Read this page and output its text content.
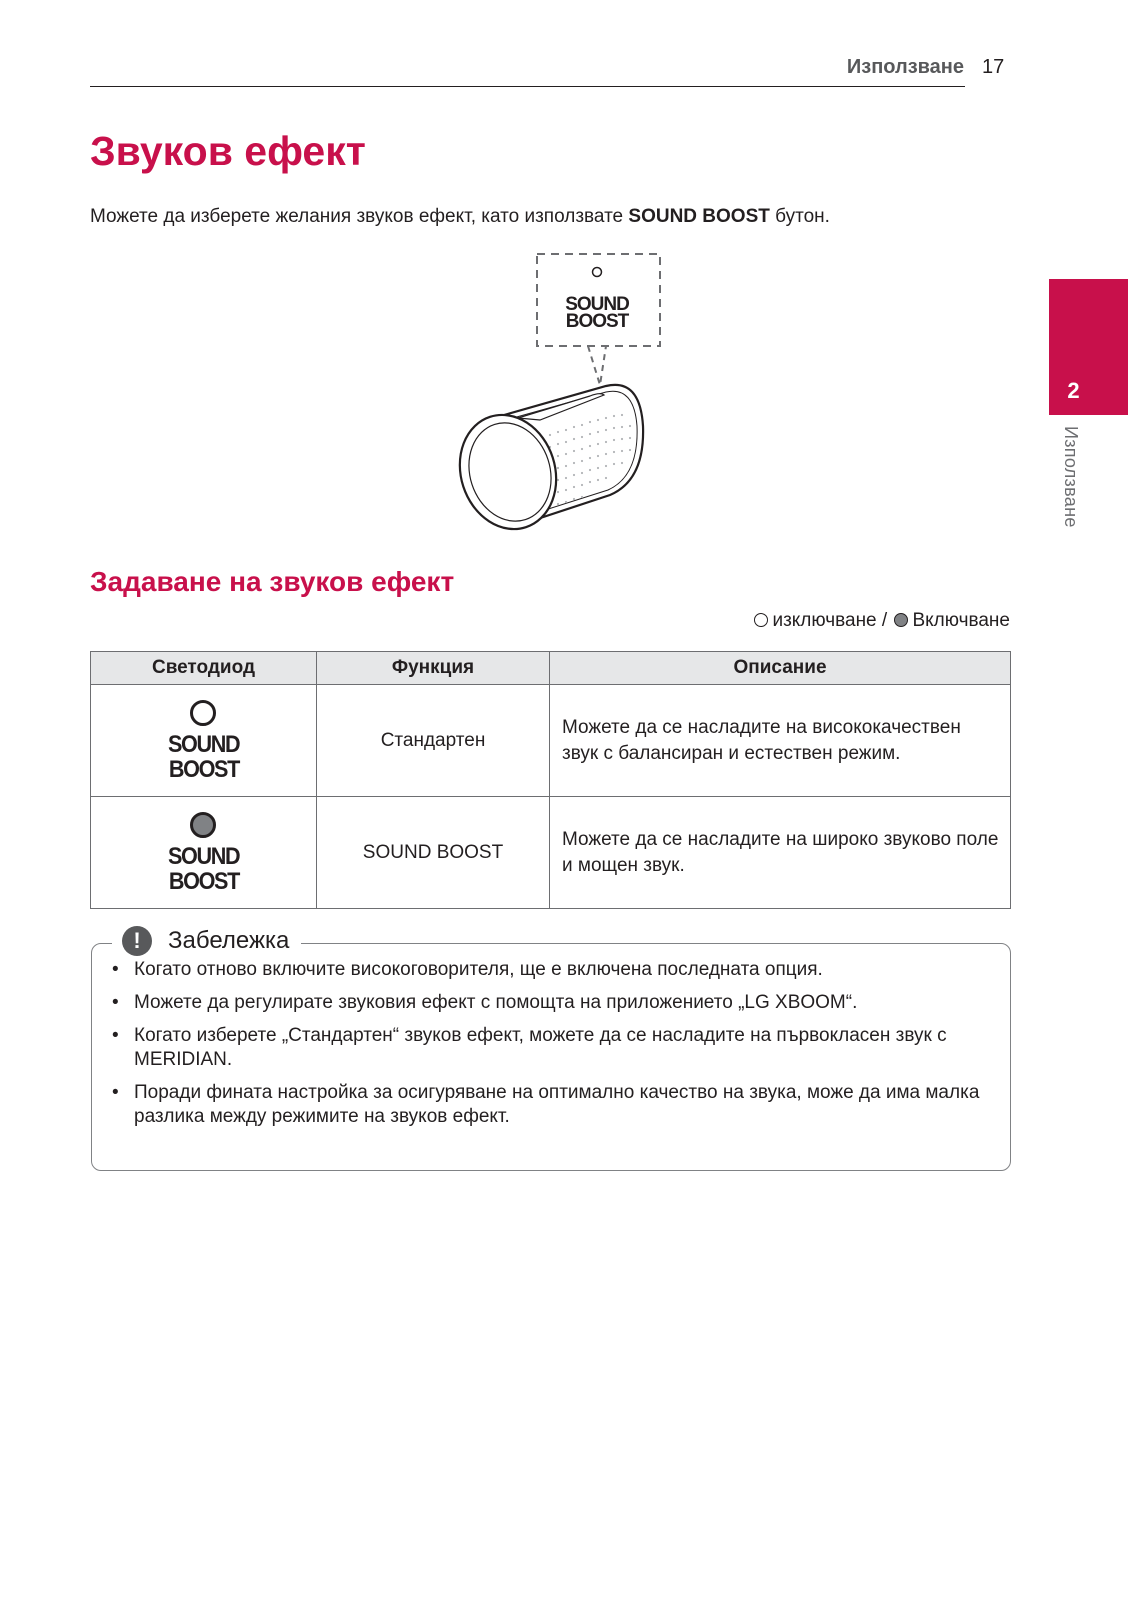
Използване 17
2
Използване
Звуков ефект
Можете да изберете желания звуков ефект, като използвате SOUND BOOST бутон.
SOUND
BOOST
Задаване на звуков ефект
изключване / Включване
Светодиод	Функция	Описание

SOUND
BOOST	Стандартен	Можете да се насладите на висококачествен звук с балансиран и естествен режим.

SOUND
BOOST	SOUND BOOST	Можете да се насладите на широко звуково поле и мощен звук.
!	Забележка
• Когато отново включите високоговорителя, ще е включена последната опция.
• Можете да регулирате звуковия ефект с помощта на приложението „LG XBOOM“.
• Когато изберете „Стандартен“ звуков ефект, можете да се насладите на първокласен звук с MERIDIAN.
• Поради фината настройка за осигуряване на оптимално качество на звука, може да има малка разлика между режимите на звуков ефект.
